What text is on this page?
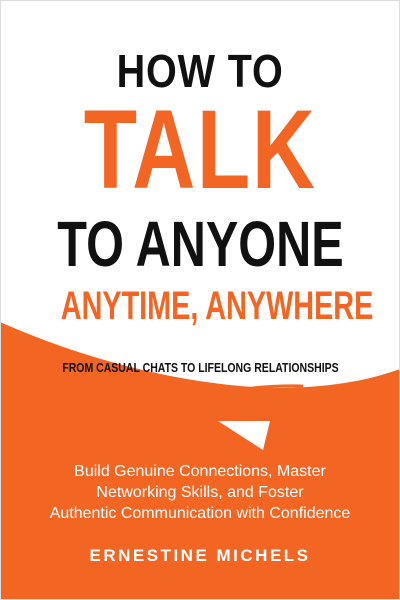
HOW TO
TALK
TO ANYONE
ANYTIME, ANYWHERE
FROM CASUAL CHATS TO LIFELONG RELATIONSHIPS
Build Genuine Connections, Master
Networking Skills, and Foster
Authentic Communication with Confidence
ERNESTINE MICHELS
